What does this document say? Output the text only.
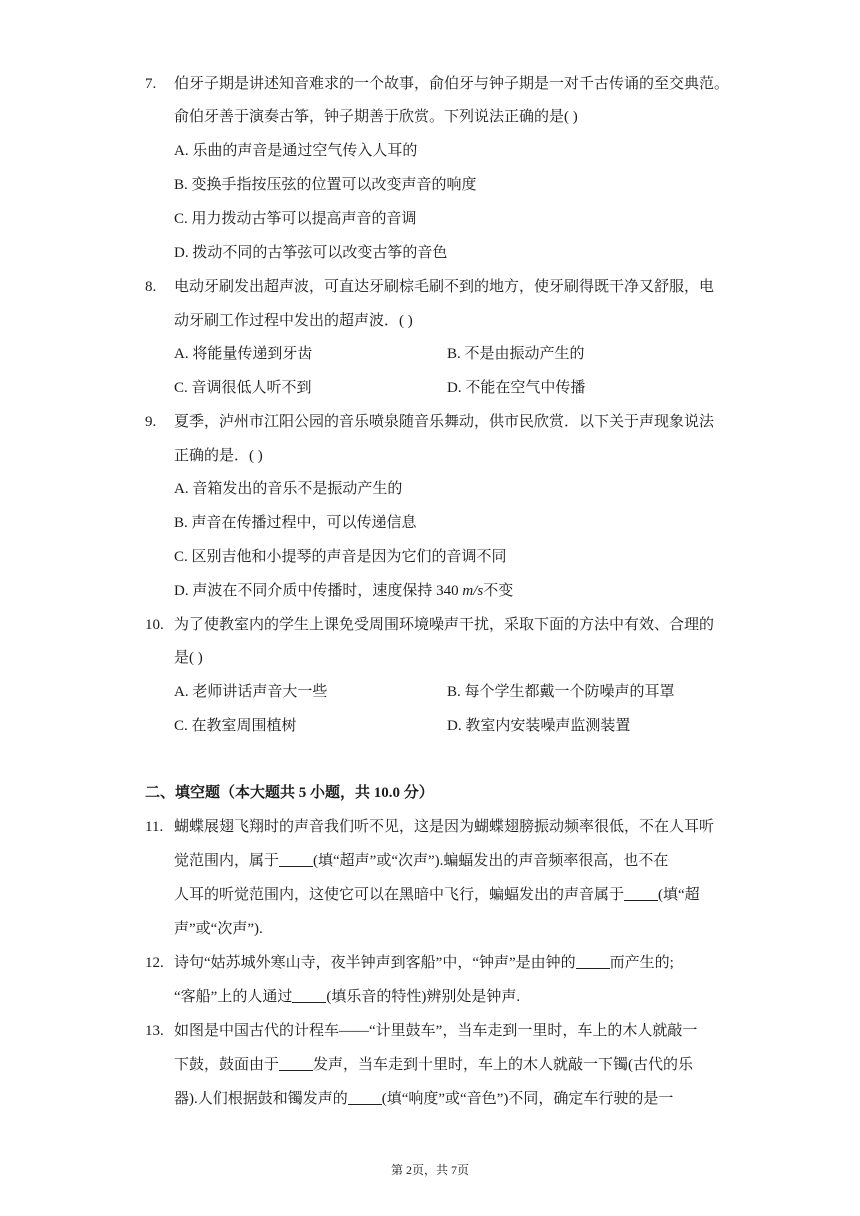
7. 伯牙子期是讲述知音难求的一个故事，俞伯牙与钟子期是一对千古传诵的至交典范。
俞伯牙善于演奏古筝，钟子期善于欣赏。下列说法正确的是( )
A. 乐曲的声音是通过空气传入人耳的
B. 变换手指按压弦的位置可以改变声音的响度
C. 用力拨动古筝可以提高声音的音调
D. 拨动不同的古筝弦可以改变古筝的音色
8. 电动牙刷发出超声波，可直达牙刷棕毛刷不到的地方，使牙刷得既干净又舒服，电
动牙刷工作过程中发出的超声波．( )
A. 将能量传递到牙齿	B. 不是由振动产生的
C. 音调很低人听不到	D. 不能在空气中传播
9. 夏季，泸州市江阳公园的音乐喷泉随音乐舞动，供市民欣赏．以下关于声现象说法
正确的是．( )
A. 音箱发出的音乐不是振动产生的
B. 声音在传播过程中，可以传递信息
C. 区别吉他和小提琴的声音是因为它们的音调不同
D. 声波在不同介质中传播时，速度保持 340 m/s不变
10. 为了使教室内的学生上课免受周围环境噪声干扰，采取下面的方法中有效、合理的
是( )
A. 老师讲话声音大一些	B. 每个学生都戴一个防噪声的耳罩
C. 在教室周围植树	D. 教室内安装噪声监测装置
二、填空题（本大题共 5 小题，共 10.0 分）
11. 蝴蝶展翅飞翔时的声音我们听不见，这是因为蝴蝶翅膀振动频率很低，不在人耳听
觉范围内，属于 (填“超声”或“次声”).蝙蝠发出的声音频率很高，也不在
人耳的听觉范围内，这使它可以在黑暗中飞行，蝙蝠发出的声音属于 (填“超
声”或“次声”).
12. 诗句“姑苏城外寒山寺，夜半钟声到客船”中，“钟声”是由钟的 而产生的;
“客船”上的人通过 (填乐音的特性)辨别处是钟声.
13. 如图是中国古代的计程车——“计里鼓车”，当车走到一里时，车上的木人就敲一
下鼓，鼓面由于 发声，当车走到十里时，车上的木人就敲一下镯(古代的乐
器).人们根据鼓和镯发声的 (填“响度”或“音色”)不同，确定车行驶的是一
第 2页，共 7页
